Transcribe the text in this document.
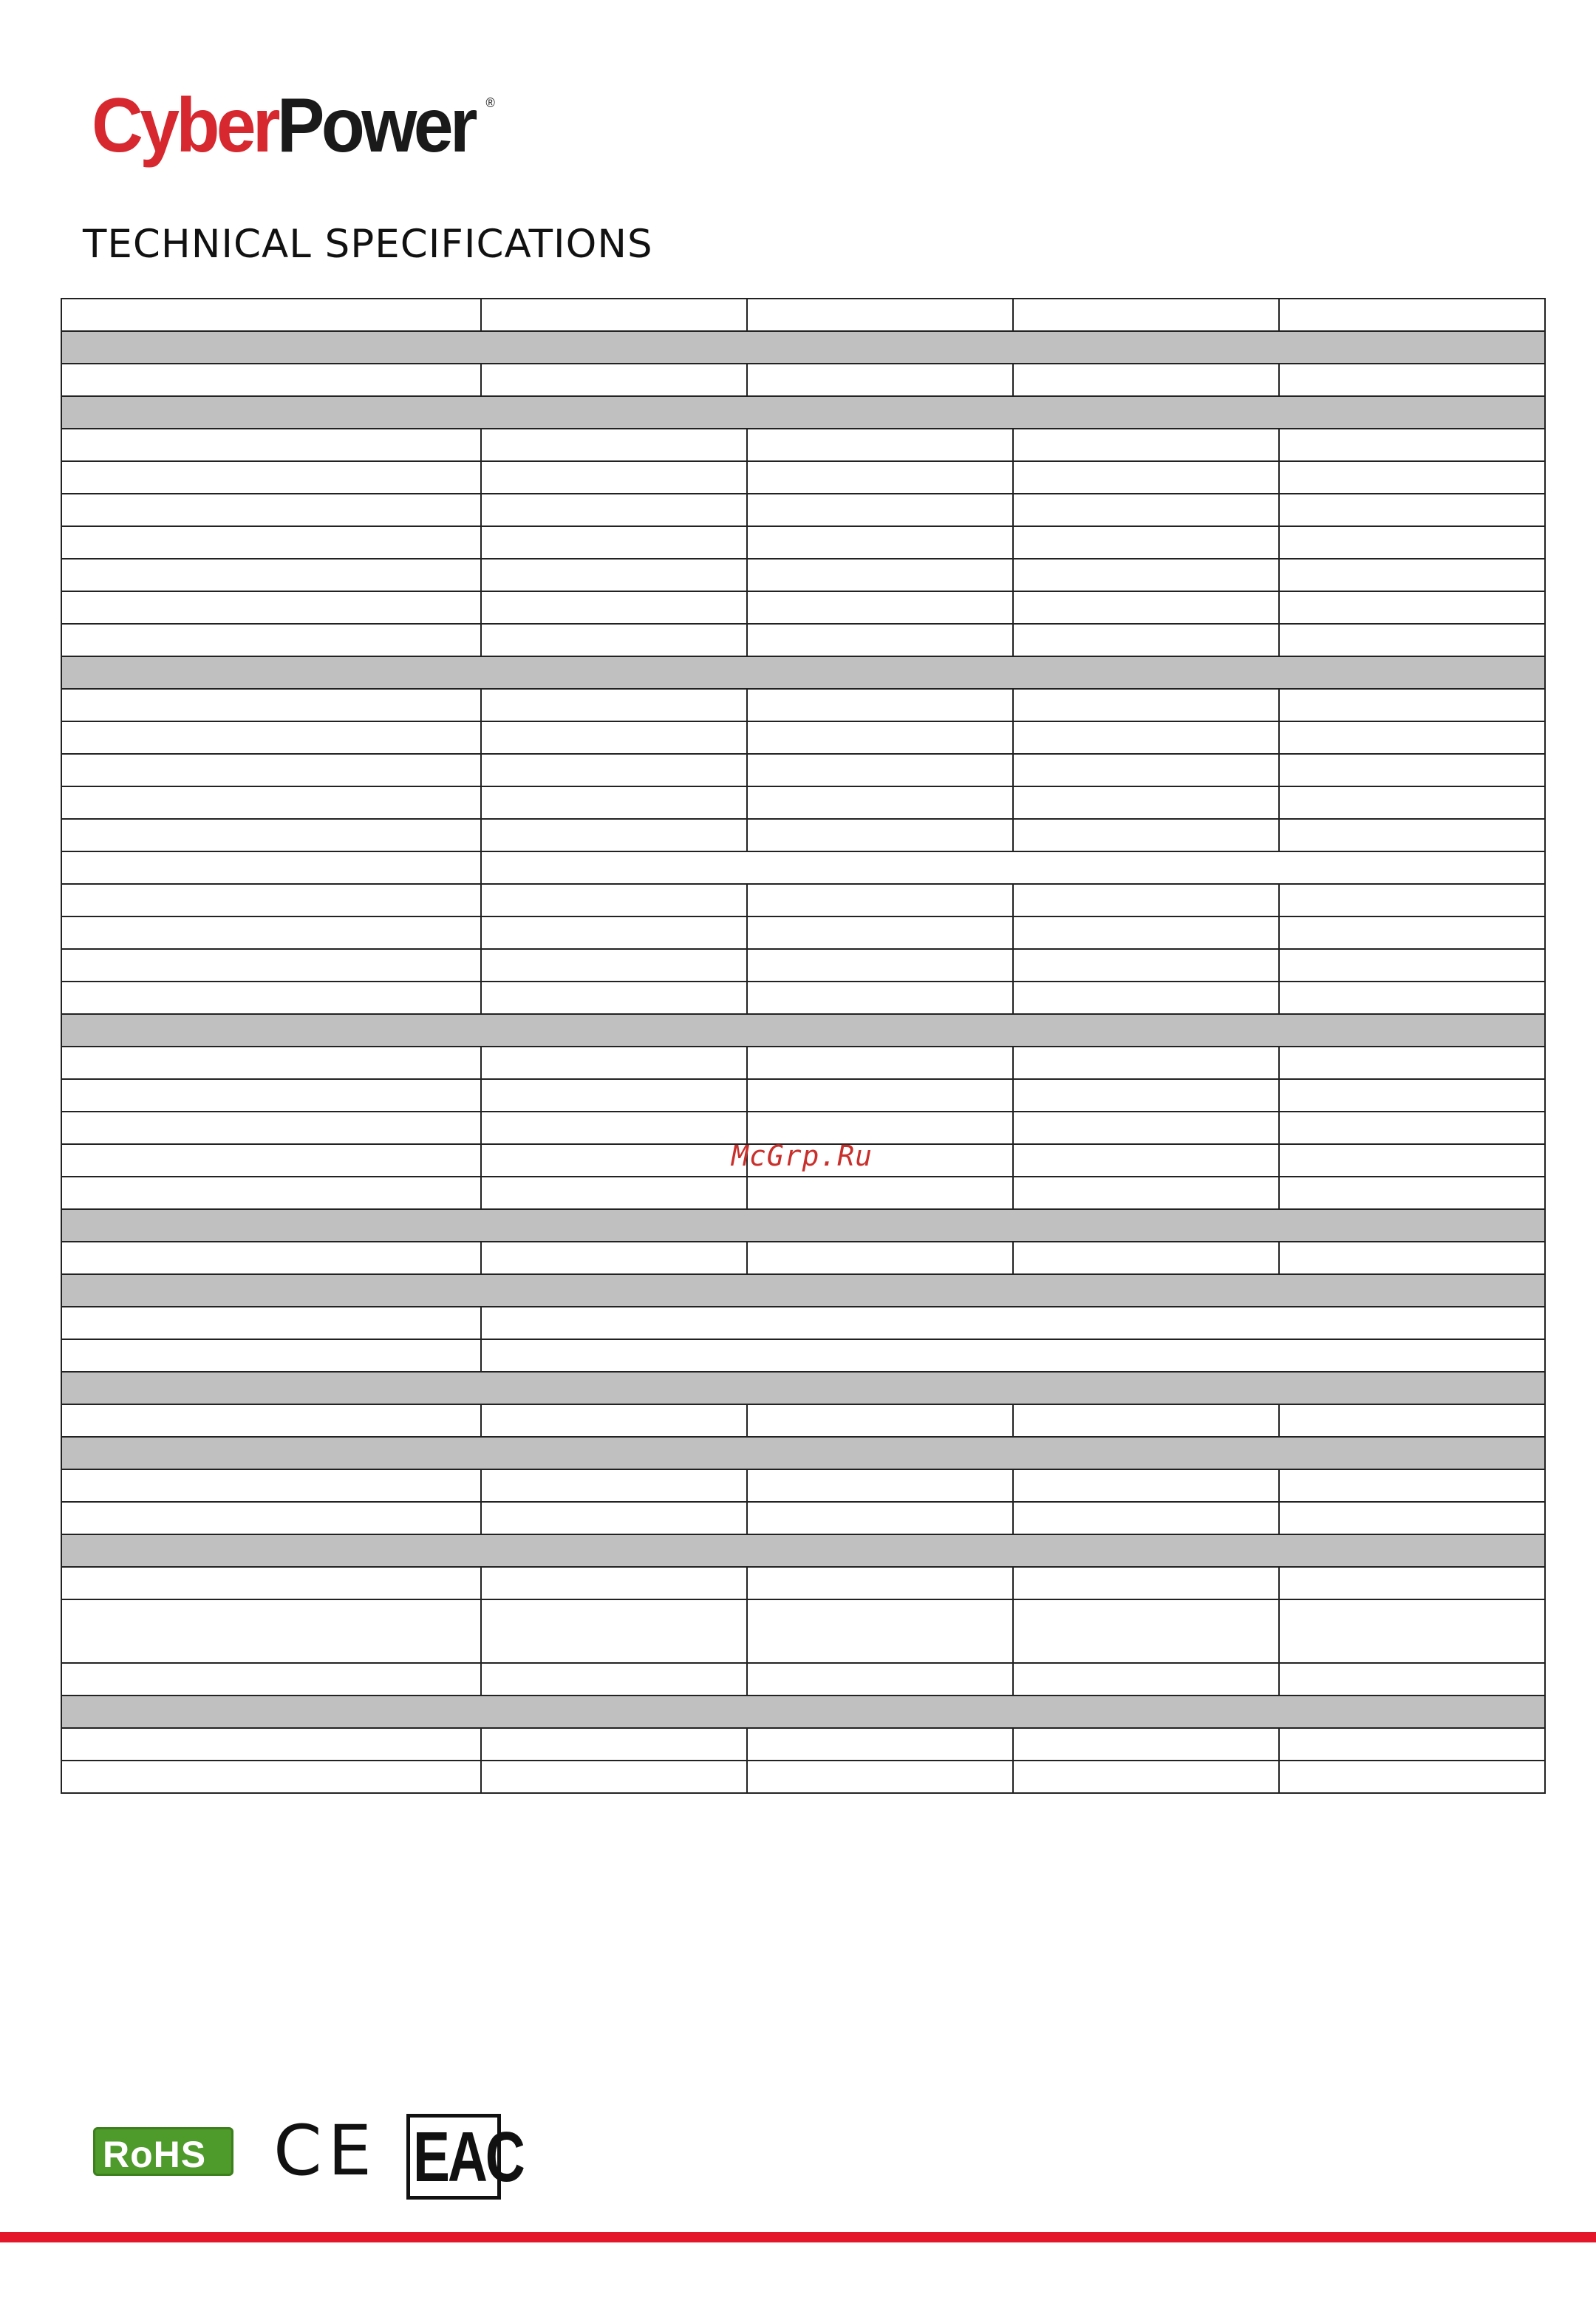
CyberPower ®
TECHNICAL SPECIFICATIONS

McGrp.Ru
RoHS CE EAC
